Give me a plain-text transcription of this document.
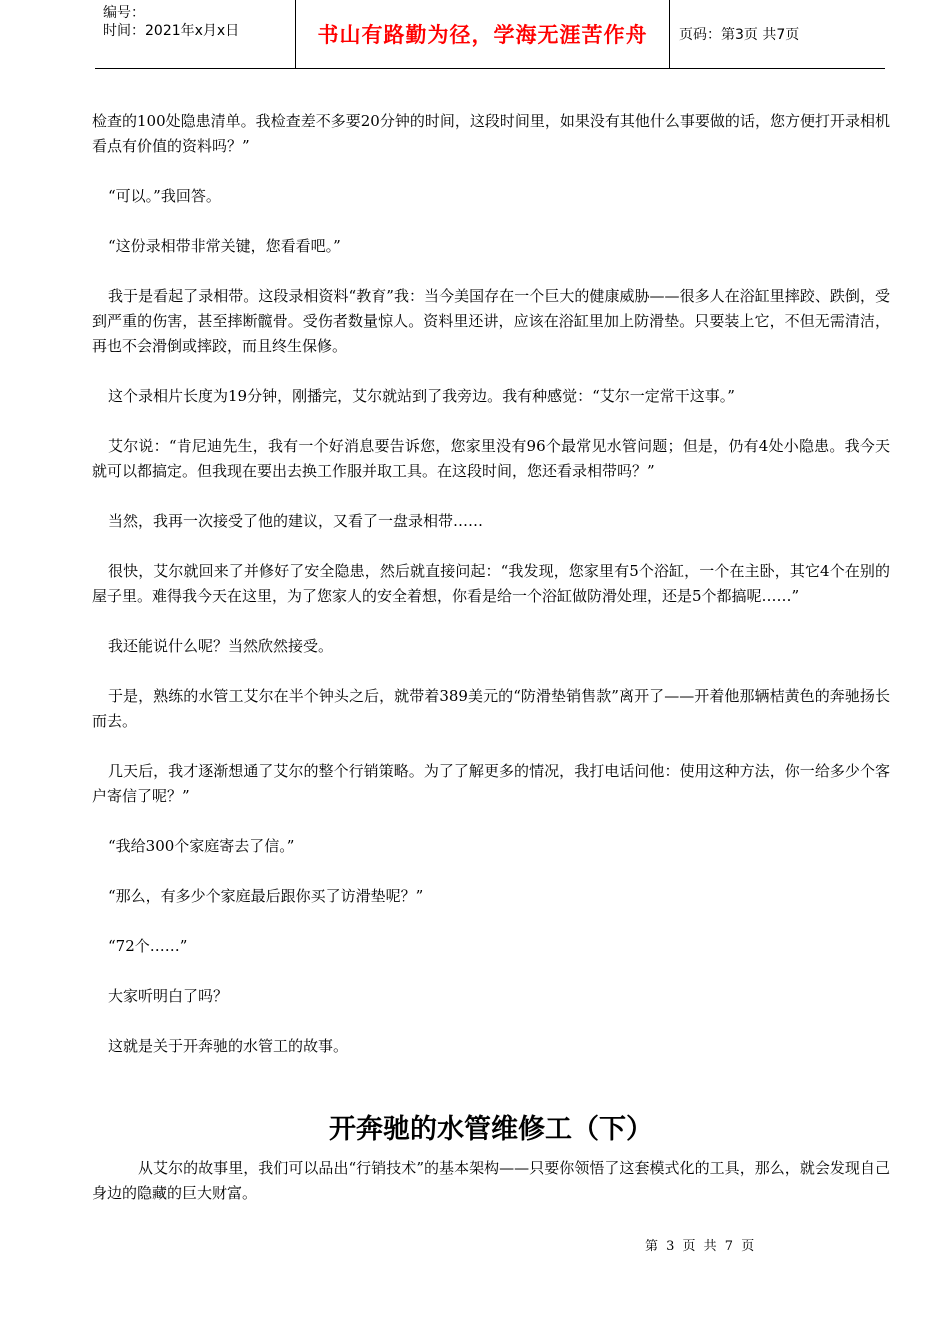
编号：
时间：2021年x月x日	书山有路勤为径，学海无涯苦作舟	页码：第3页 共7页

检查的100处隐患清单。我检查差不多要20分钟的时间，这段时间里，如果没有其他什么事要做的话，您方便打开录相机看点有价值的资料吗？”

“可以。”我回答。

“这份录相带非常关键，您看看吧。”

我于是看起了录相带。这段录相资料“教育”我：当今美国存在一个巨大的健康威胁——很多人在浴缸里摔跤、跌倒，受到严重的伤害，甚至摔断髋骨。受伤者数量惊人。资料里还讲，应该在浴缸里加上防滑垫。只要装上它，不但无需清洁，再也不会滑倒或摔跤，而且终生保修。

这个录相片长度为19分钟，刚播完，艾尔就站到了我旁边。我有种感觉：“艾尔一定常干这事。”

艾尔说：“肯尼迪先生，我有一个好消息要告诉您，您家里没有96个最常见水管问题；但是，仍有4处小隐患。我今天就可以都搞定。但我现在要出去换工作服并取工具。在这段时间，您还看录相带吗？”

当然，我再一次接受了他的建议，又看了一盘录相带……

很快，艾尔就回来了并修好了安全隐患，然后就直接问起：“我发现，您家里有5个浴缸，一个在主卧，其它4个在别的屋子里。难得我今天在这里，为了您家人的安全着想，你看是给一个浴缸做防滑处理，还是5个都搞呢……”

我还能说什么呢？当然欣然接受。

于是，熟练的水管工艾尔在半个钟头之后，就带着389美元的“防滑垫销售款”离开了——开着他那辆桔黄色的奔驰扬长而去。

几天后，我才逐渐想通了艾尔的整个行销策略。为了了解更多的情况，我打电话问他：使用这种方法，你一给多少个客户寄信了呢？”

“我给300个家庭寄去了信。”

“那么，有多少个家庭最后跟你买了访滑垫呢？”

“72个……”

大家听明白了吗？

这就是关于开奔驰的水管工的故事。

开奔驰的水管维修工（下）
从艾尔的故事里，我们可以品出“行销技术”的基本架构——只要你领悟了这套模式化的工具，那么，就会发现自己身边的隐藏的巨大财富。
第 3 页 共 7 页
